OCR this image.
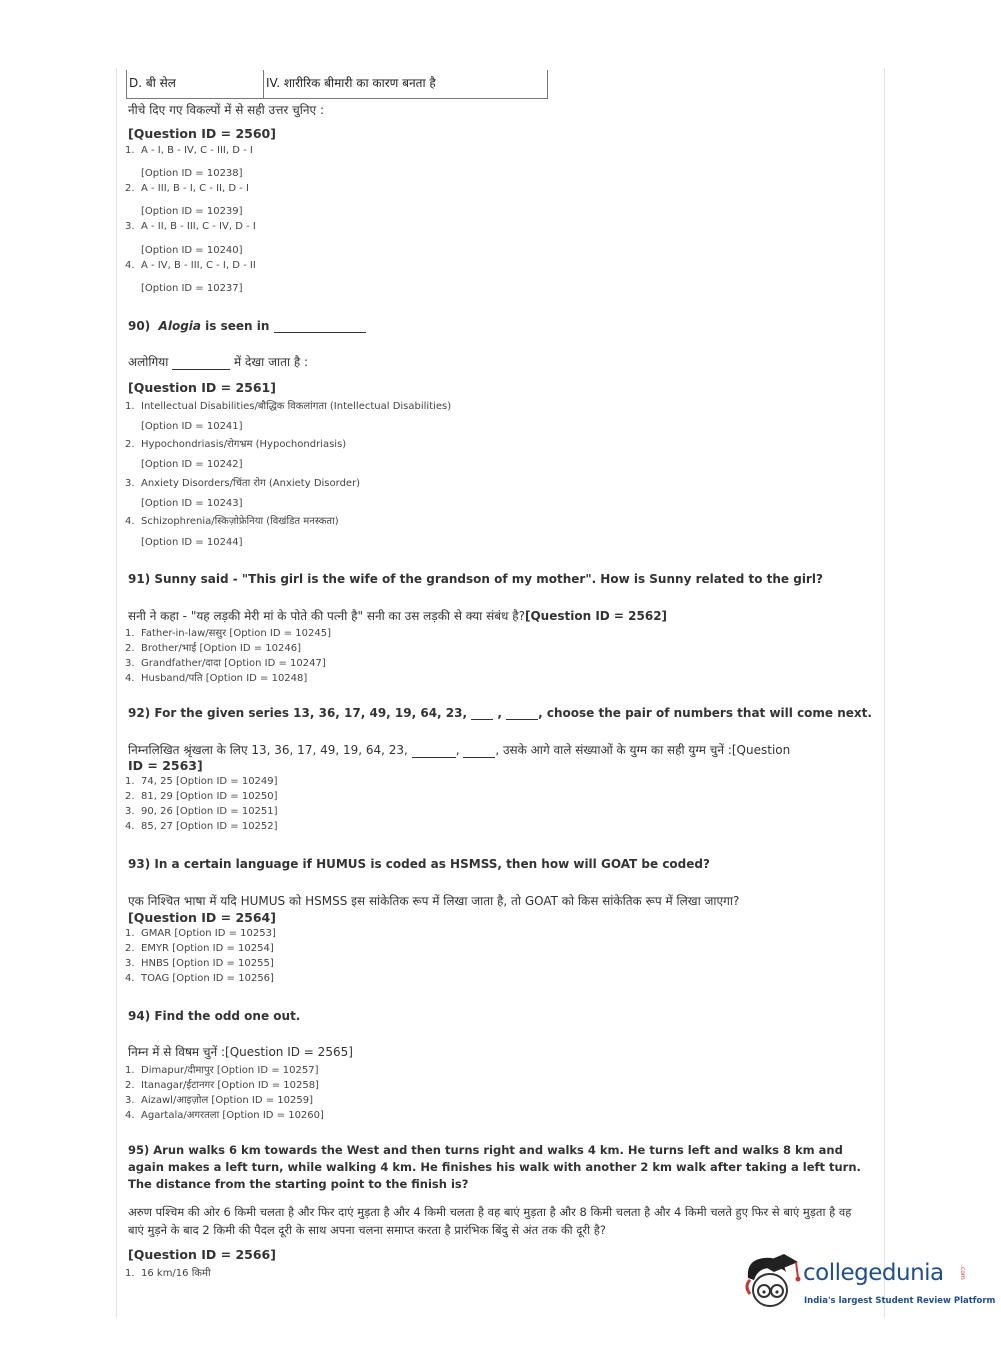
D. बी सेल	IV. शारीरिक बीमारी का कारण बनता है
नीचे दिए गए विकल्पों में से सही उत्तर चुनिए :
[Question ID = 2560]
1. A - I, B - IV, C - III, D - I
[Option ID = 10238]
2. A - III, B - I, C - II, D - I
[Option ID = 10239]
3. A - II, B - III, C - IV, D - I
[Option ID = 10240]
4. A - IV, B - III, C - I, D - II
[Option ID = 10237]
90) Alogia is seen in
अलोगिया	में देखा जाता है :
[Question ID = 2561]
1. Intellectual Disabilities/बौद्धिक विकलांगता (Intellectual Disabilities)
[Option ID = 10241]
2. Hypochondriasis/रोगभ्रम (Hypochondriasis)
[Option ID = 10242]
3. Anxiety Disorders/चिंता रोग (Anxiety Disorder)
[Option ID = 10243]
4. Schizophrenia/स्किज़ोफ्रेनिया (विखंडित मनस्कता)
[Option ID = 10244]
91) Sunny said - "This girl is the wife of the grandson of my mother". How is Sunny related to the girl?
सनी ने कहा - "यह लड़की मेरी मां के पोते की पत्नी है" सनी का उस लड़की से क्या संबंध है?[Question ID = 2562]
1. Father-in-law/ससुर [Option ID = 10245]
2. Brother/भाई [Option ID = 10246]
3. Grandfather/दादा [Option ID = 10247]
4. Husband/पति [Option ID = 10248]
92) For the given series 13, 36, 17, 49, 19, 64, 23,  ,	, choose the pair of numbers that will come next.
निम्नलिखित श्रृंखला के लिए 13, 36, 17, 49, 19, 64, 23,	,	, उसके आगे वाले संख्याओं के युग्म का सही युग्म चुनें :[Question
ID = 2563]
1. 74, 25 [Option ID = 10249]
2. 81, 29 [Option ID = 10250]
3. 90, 26 [Option ID = 10251]
4. 85, 27 [Option ID = 10252]
93) In a certain language if HUMUS is coded as HSMSS, then how will GOAT be coded?
एक निश्चित भाषा में यदि HUMUS को HSMSS इस सांकेतिक रूप में लिखा जाता है, तो GOAT को किस सांकेतिक रूप में लिखा जाएगा?
[Question ID = 2564]
1. GMAR [Option ID = 10253]
2. EMYR [Option ID = 10254]
3. HNBS [Option ID = 10255]
4. TOAG [Option ID = 10256]
94) Find the odd one out.
निम्न में से विषम चुनें :[Question ID = 2565]
1. Dimapur/दीमापुर [Option ID = 10257]
2. Itanagar/ईटानगर [Option ID = 10258]
3. Aizawl/आइज़ोल [Option ID = 10259]
4. Agartala/अगरतला [Option ID = 10260]
95) Arun walks 6 km towards the West and then turns right and walks 4 km. He turns left and walks 8 km and again makes a left turn, while walking 4 km. He finishes his walk with another 2 km walk after taking a left turn. The distance from the starting point to the finish is?
अरुण पश्चिम की ओर 6 किमी चलता है और फिर दाएं मुड़ता है और 4 किमी चलता है वह बाएं मुड़ता है और 8 किमी चलता है और 4 किमी चलते हुए फिर से बाएं मुड़ता है वह बाएं मुड़ने के बाद 2 किमी की पैदल दूरी के साथ अपना चलना समाप्त करता है प्रारंभिक बिंदु से अंत तक की दूरी है?
[Question ID = 2566]
1. 16 km/16 किमी	collegedunia	.com
India's largest Student Review Platform
